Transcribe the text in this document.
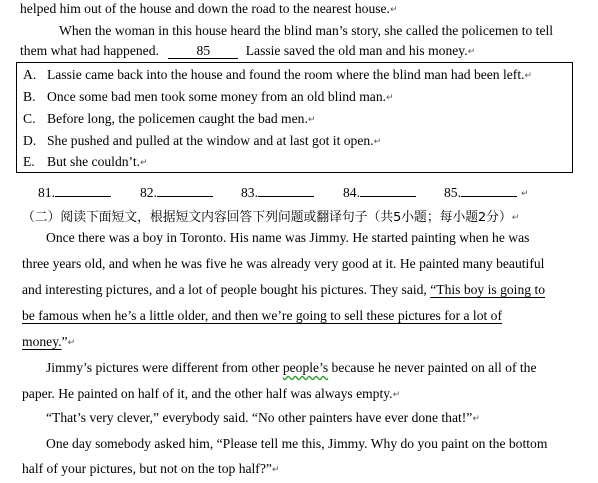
helped him out of the house and down the road to the nearest house.↵
When the woman in this house heard the blind man’s story, she called the policemen to tell
them what had happened.	85	Lassie saved the old man and his money.↵
A. Lassie came back into the house and found the room where the blind man had been left.↵
B. Once some bad men took some money from an old blind man.↵
C. Before long, the policemen caught the bad men.↵
D. She pushed and pulled at the window and at last got it open.↵
E. But she couldn’t.↵
81.	82.	83.	84.	85.	↵
（二）阅读下面短文，根据短文内容回答下列问题或翻译句子（共5小题；每小题2分）↵
Once there was a boy in Toronto. His name was Jimmy. He started painting when he was
three years old, and when he was five he was already very good at it. He painted many beautiful
and interesting pictures, and a lot of people bought his pictures. They said, “This boy is going to
be famous when he’s a little older, and then we’re going to sell these pictures for a lot of
money.”↵
Jimmy’s pictures were different from other people’s because he never painted on all of the
paper. He painted on half of it, and the other half was always empty.↵
“That’s very clever,” everybody said. “No other painters have ever done that!”↵
One day somebody asked him, “Please tell me this, Jimmy. Why do you paint on the bottom
half of your pictures, but not on the top half?”↵
